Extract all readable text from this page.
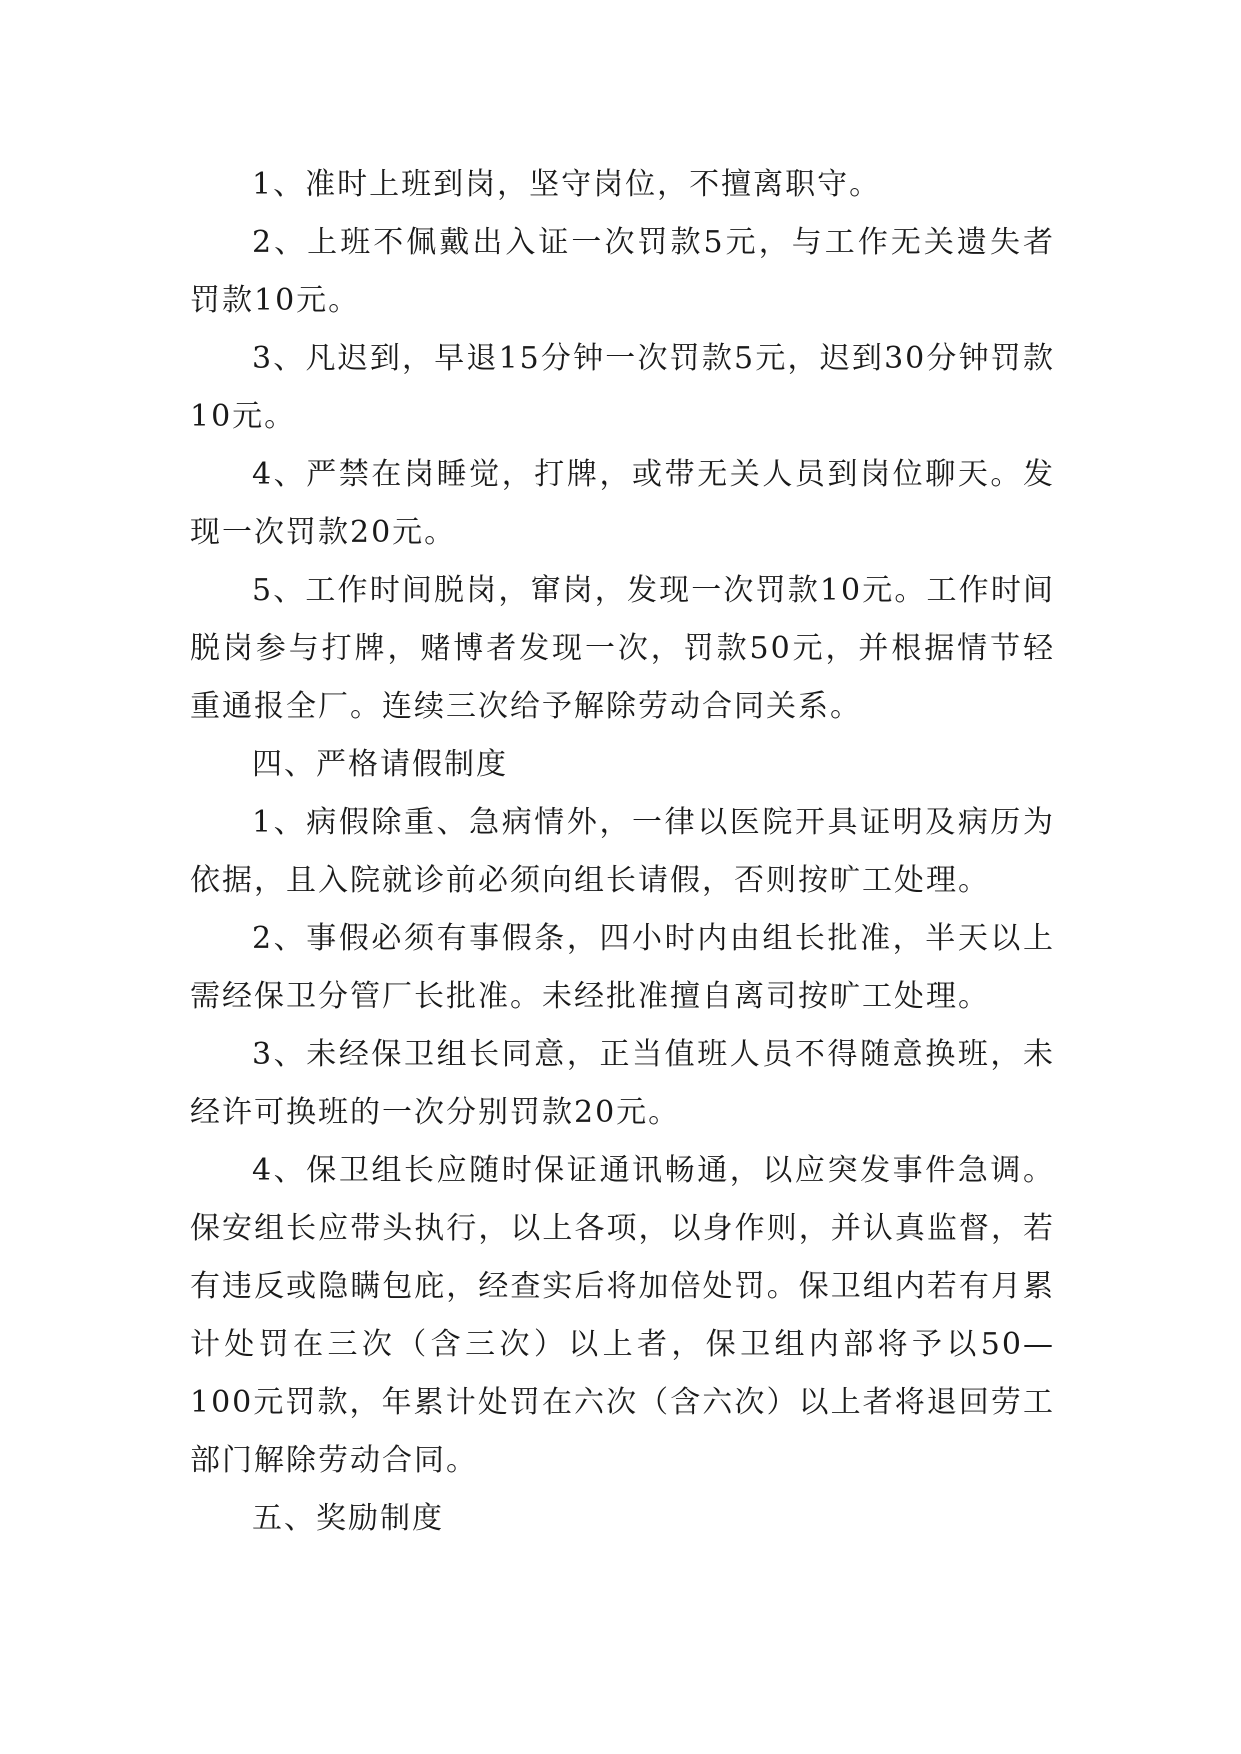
1、准时上班到岗，坚守岗位，不擅离职守。

2、上班不佩戴出入证一次罚款5元，与工作无关遗失者罚款10元。

3、凡迟到，早退15分钟一次罚款5元，迟到30分钟罚款10元。

4、严禁在岗睡觉，打牌，或带无关人员到岗位聊天。发现一次罚款20元。

5、工作时间脱岗，窜岗，发现一次罚款10元。工作时间脱岗参与打牌，赌博者发现一次，罚款50元，并根据情节轻重通报全厂。连续三次给予解除劳动合同关系。

四、严格请假制度

1、病假除重、急病情外，一律以医院开具证明及病历为依据，且入院就诊前必须向组长请假，否则按旷工处理。

2、事假必须有事假条，四小时内由组长批准，半天以上需经保卫分管厂长批准。未经批准擅自离司按旷工处理。

3、未经保卫组长同意，正当值班人员不得随意换班，未经许可换班的一次分别罚款20元。

4、保卫组长应随时保证通讯畅通，以应突发事件急调。保安组长应带头执行，以上各项，以身作则，并认真监督，若有违反或隐瞒包庇，经查实后将加倍处罚。保卫组内若有月累计处罚在三次（含三次）以上者，保卫组内部将予以50—100元罚款，年累计处罚在六次（含六次）以上者将退回劳工部门解除劳动合同。

五、奖励制度
